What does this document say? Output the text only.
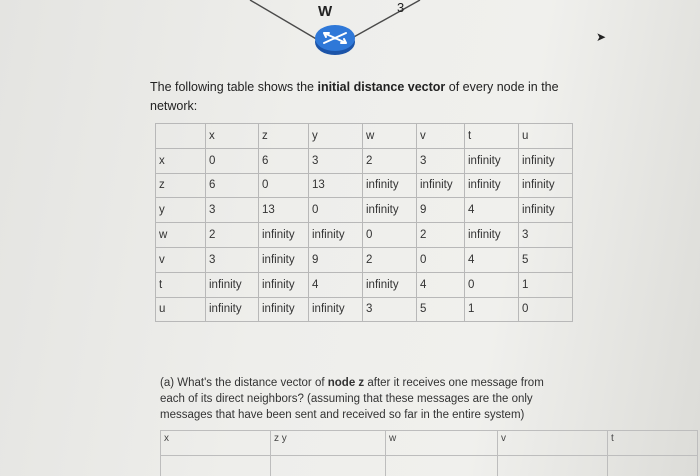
W	3
➤
The following table shows the initial distance vector of every node in the network:
	x	z	y	w	v	t	u
x	0	6	3	2	3	infinity	infinity
z	6	0	13	infinity	infinity	infinity	infinity
y	3	13	0	infinity	9	4	infinity
w	2	infinity	infinity	0	2	infinity	3
v	3	infinity	9	2	0	4	5
t	infinity	infinity	4	infinity	4	0	1
u	infinity	infinity	infinity	3	5	1	0
(a) What's the distance vector of node z after it receives one message from each of its direct neighbors? (assuming that these messages are the only messages that have been sent and received so far in the entire system)
x	z y	w	v	t
